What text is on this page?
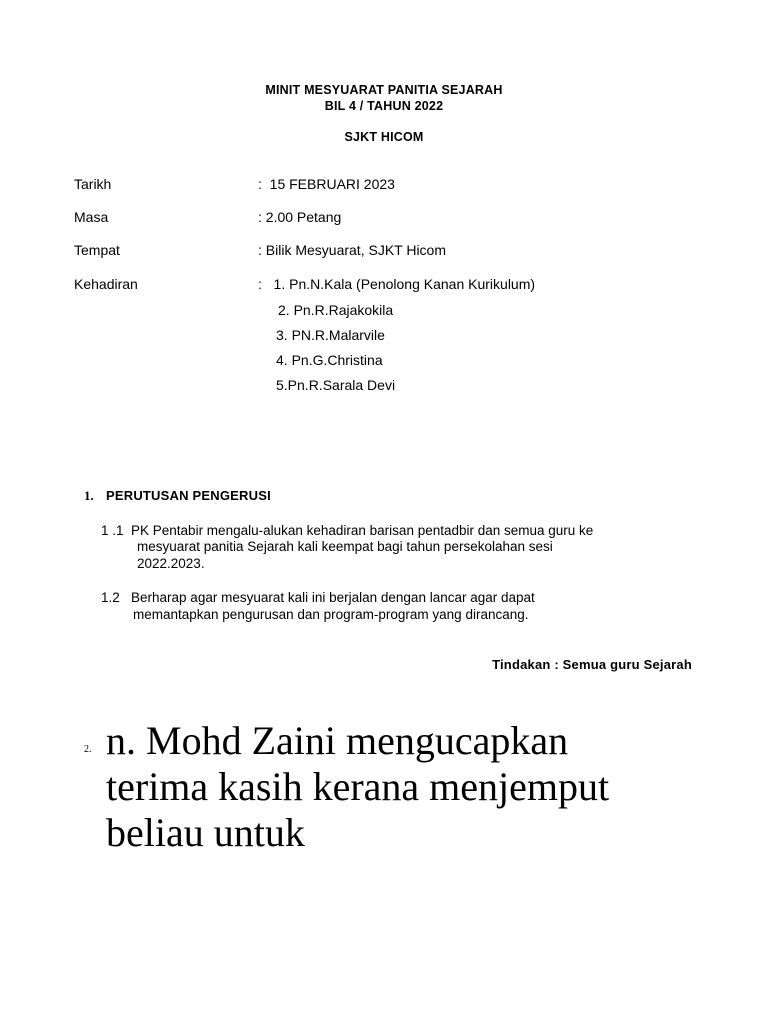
MINIT MESYUARAT PANITIA SEJARAH
BIL 4 / TAHUN 2022
SJKT HICOM
Tarikh	:  15 FEBRUARI 2023
Masa	: 2.00 Petang
Tempat	: Bilik Mesyuarat, SJKT Hicom
Kehadiran	:   1. Pn.N.Kala (Penolong Kanan Kurikulum)
2. Pn.R.Rajakokila
3. PN.R.Malarvile
4. Pn.G.Christina
5.Pn.R.Sarala Devi
1. PERUTUSAN PENGERUSI
1 .1  PK Pentabir mengalu-alukan kehadiran barisan pentadbir dan semua guru ke
mesyuarat panitia Sejarah kali keempat bagi tahun persekolahan sesi
2022.2023.
1.2   Berharap agar mesyuarat kali ini berjalan dengan lancar agar dapat
memantapkan pengurusan dan program-program yang dirancang.
Tindakan : Semua guru Sejarah
2. n. Mohd Zaini mengucapkan
terima kasih kerana menjemput
beliau untuk
